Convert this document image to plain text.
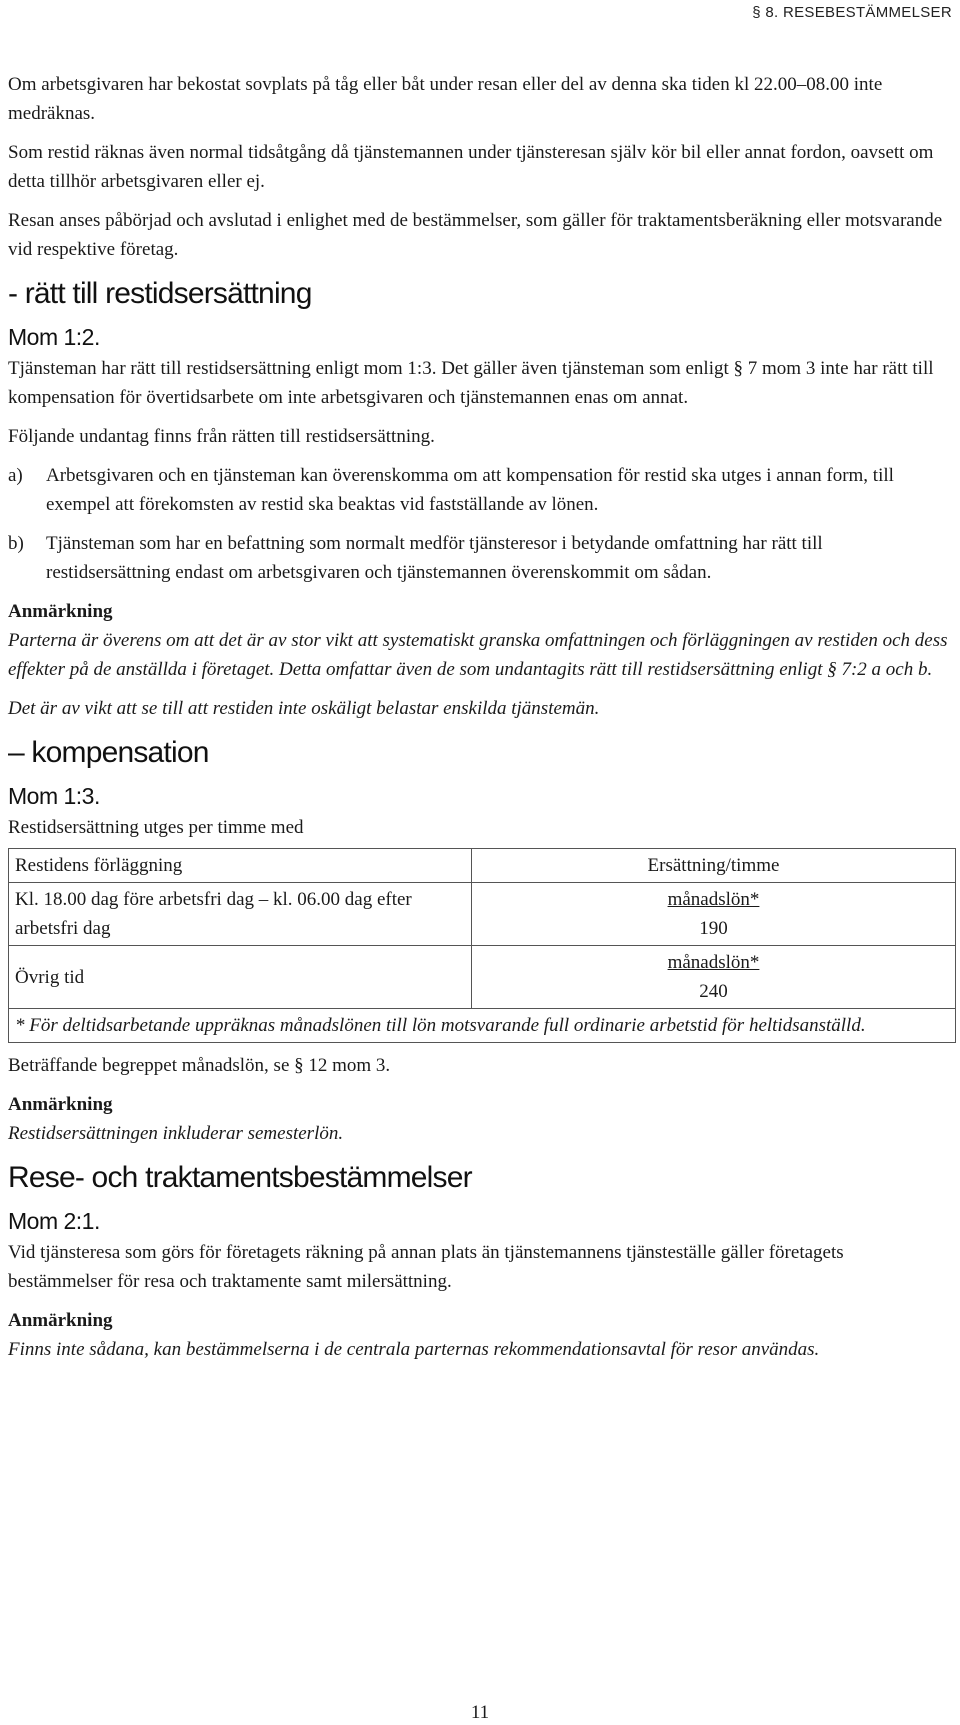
§ 8. RESEBESTÄMMELSER

Om arbetsgivaren har bekostat sovplats på tåg eller båt under resan eller del av denna ska tiden kl 22.00–08.00 inte medräknas.

Som restid räknas även normal tidsåtgång då tjänstemannen under tjänsteresan själv kör bil eller annat fordon, oavsett om detta tillhör arbetsgivaren eller ej.

Resan anses påbörjad och avslutad i enlighet med de bestämmelser, som gäller för traktamentsberäkning eller motsvarande vid respektive företag.

- rätt till restidsersättning
Mom 1:2.

Tjänsteman har rätt till restidsersättning enligt mom 1:3. Det gäller även tjänsteman som enligt § 7 mom 3 inte har rätt till kompensation för övertidsarbete om inte arbetsgivaren och tjänstemannen enas om annat.

Följande undantag finns från rätten till restidsersättning.

a)	Arbetsgivaren och en tjänsteman kan överenskomma om att kompensation för restid ska utges i annan form, till exempel att förekomsten av restid ska beaktas vid fastställande av lönen.
b)	Tjänsteman som har en befattning som normalt medför tjänsteresor i betydande omfattning har rätt till restidsersättning endast om arbetsgivaren och tjänstemannen överenskommit om sådan.
Anmärkning

Parterna är överens om att det är av stor vikt att systematiskt granska omfattningen och förläggningen av restiden och dess effekter på de anställda i företaget. Detta omfattar även de som undantagits rätt till restidsersättning enligt § 7:2 a och b.

Det är av vikt att se till att restiden inte oskäligt belastar enskilda tjänstemän.

– kompensation
Mom 1:3.

Restidsersättning utges per timme med

Restidens förläggning	Ersättning/timme
Kl. 18.00 dag före arbetsfri dag – kl. 06.00 dag efter arbetsfri dag	månadslön*
190

Övrig tid	månadslön*
240

* För deltidsarbetande uppräknas månadslönen till lön motsvarande full ordinarie arbetstid för heltidsanställd.	

Beträffande begreppet månadslön, se § 12 mom 3.

Anmärkning

Restidsersättningen inkluderar semesterlön.

Rese- och traktamentsbestämmelser
Mom 2:1.

Vid tjänsteresa som görs för företagets räkning på annan plats än tjänstemannens tjänsteställe gäller företagets bestämmelser för resa och traktamente samt milersättning.

Anmärkning

Finns inte sådana, kan bestämmelserna i de centrala parternas rekommendationsavtal för resor användas.

11
